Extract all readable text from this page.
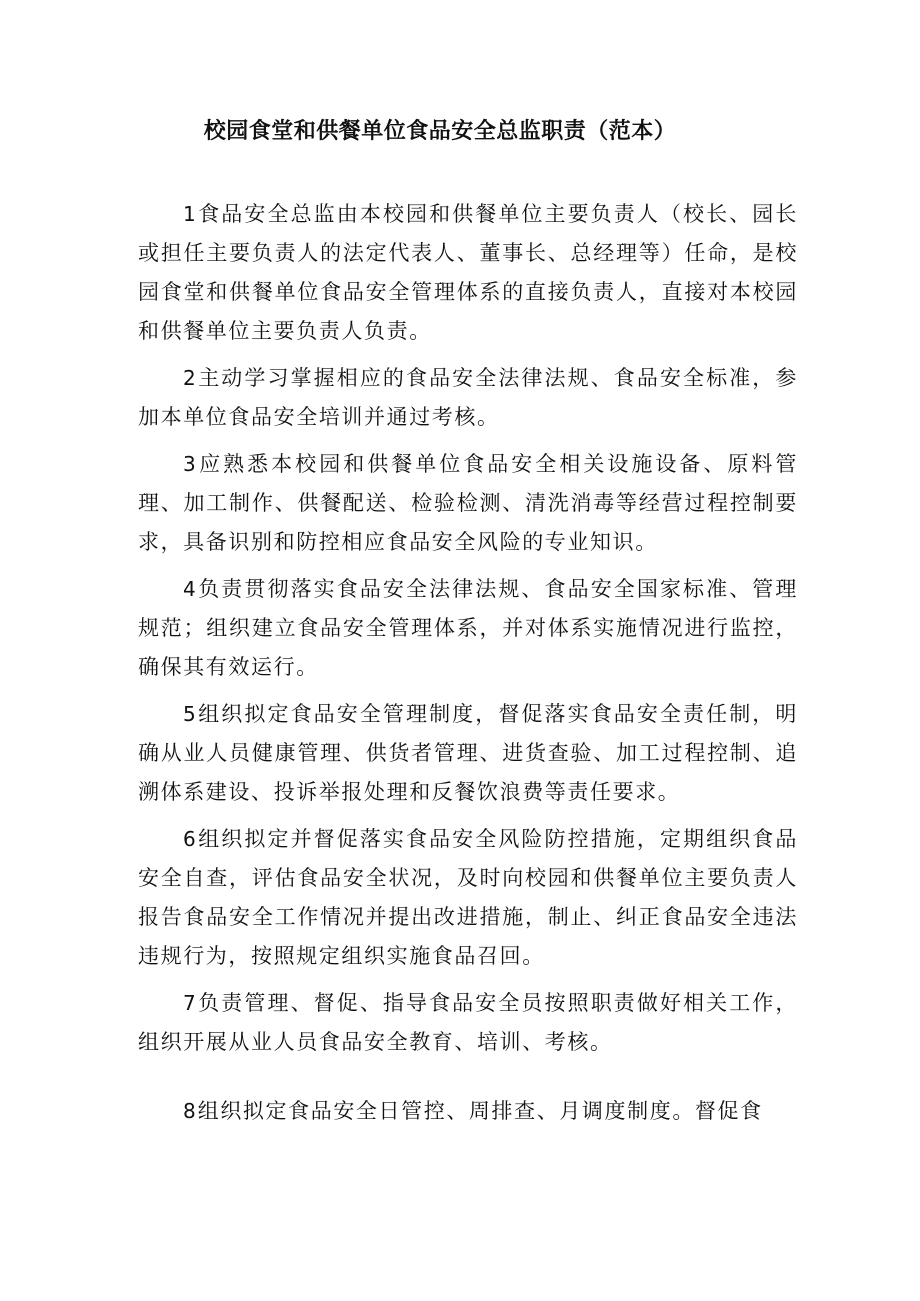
校园食堂和供餐单位食品安全总监职责（范本）

1食品安全总监由本校园和供餐单位主要负责人（校长、园长或担任主要负责人的法定代表人、董事长、总经理等）任命，是校园食堂和供餐单位食品安全管理体系的直接负责人，直接对本校园和供餐单位主要负责人负责。

2主动学习掌握相应的食品安全法律法规、食品安全标准，参加本单位食品安全培训并通过考核。

3应熟悉本校园和供餐单位食品安全相关设施设备、原料管理、加工制作、供餐配送、检验检测、清洗消毒等经营过程控制要求，具备识别和防控相应食品安全风险的专业知识。

4负责贯彻落实食品安全法律法规、食品安全国家标准、管理规范；组织建立食品安全管理体系，并对体系实施情况进行监控，确保其有效运行。

5组织拟定食品安全管理制度，督促落实食品安全责任制，明确从业人员健康管理、供货者管理、进货查验、加工过程控制、追溯体系建设、投诉举报处理和反餐饮浪费等责任要求。

6组织拟定并督促落实食品安全风险防控措施，定期组织食品安全自查，评估食品安全状况，及时向校园和供餐单位主要负责人报告食品安全工作情况并提出改进措施，制止、纠正食品安全违法违规行为，按照规定组织实施食品召回。

7负责管理、督促、指导食品安全员按照职责做好相关工作，组织开展从业人员食品安全教育、培训、考核。

8组织拟定食品安全日管控、周排查、月调度制度。督促食
